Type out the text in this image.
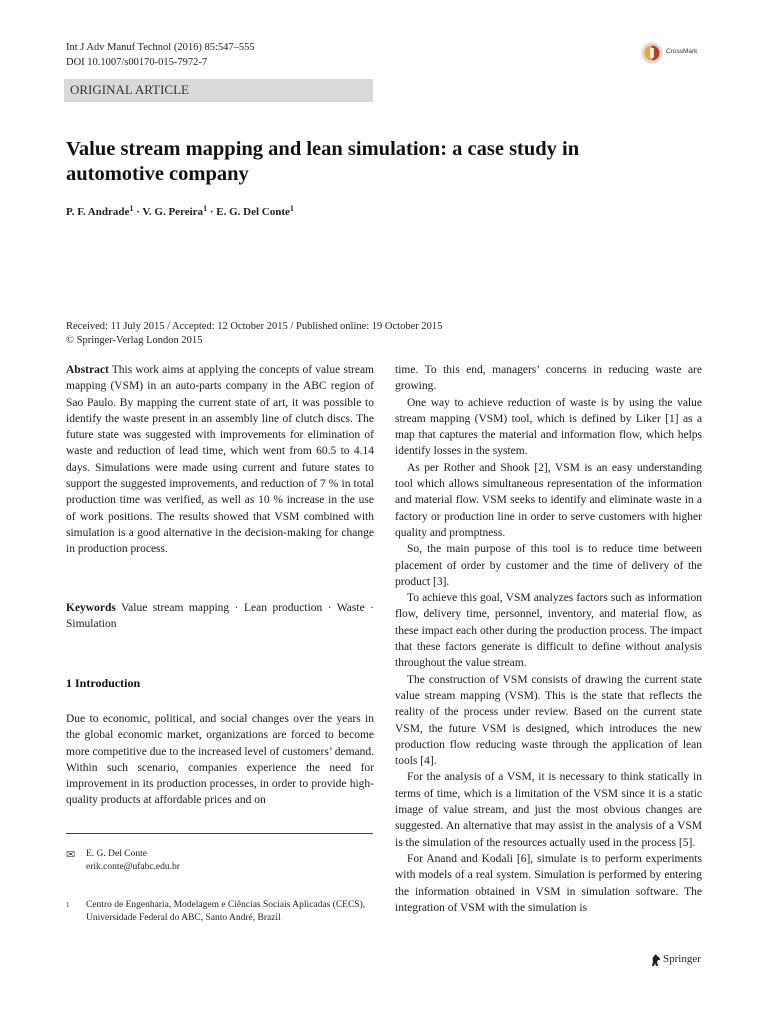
Int J Adv Manuf Technol (2016) 85:547–555
DOI 10.1007/s00170-015-7972-7
CrossMark
ORIGINAL ARTICLE
Value stream mapping and lean simulation: a case study in automotive company
P. F. Andrade$^1$ · V. G. Pereira$^1$ · E. G. Del Conte$^1$
Received: 11 July 2015 / Accepted: 12 October 2015 / Published online: 19 October 2015
© Springer-Verlag London 2015

Abstract This work aims at applying the concepts of value stream mapping (VSM) in an auto-parts company in the ABC region of Sao Paulo. By mapping the current state of art, it was possible to identify the waste present in an assembly line of clutch discs. The future state was suggested with improvements for elimination of waste and reduction of lead time, which went from 60.5 to 4.14 days. Simulations were made using current and future states to support the suggested improvements, and reduction of 7 % in total production time was verified, as well as 10 % increase in the use of work positions. The results showed that VSM combined with simulation is a good alternative in the decision-making for change in production process.

Keywords Value stream mapping · Lean production · Waste · Simulation

1 Introduction

Due to economic, political, and social changes over the years in the global economic market, organizations are forced to become more competitive due to the increased level of customers’ demand. Within such scenario, companies experience the need for improvement in its production processes, in order to provide high-quality products at affordable prices and on

✉ E. G. Del Conte
erik.conte@ufabc.edu.br
1 Centro de Engenharia, Modelagem e Ciências Sociais Aplicadas (CECS), Universidade Federal do ABC, Santo André, Brazil

time. To this end, managers’ concerns in reducing waste are growing.

One way to achieve reduction of waste is by using the value stream mapping (VSM) tool, which is defined by Liker [1] as a map that captures the material and information flow, which helps identify losses in the system.

As per Rother and Shook [2], VSM is an easy understanding tool which allows simultaneous representation of the information and material flow. VSM seeks to identify and eliminate waste in a factory or production line in order to serve customers with higher quality and promptness.

So, the main purpose of this tool is to reduce time between placement of order by customer and the time of delivery of the product [3].

To achieve this goal, VSM analyzes factors such as information flow, delivery time, personnel, inventory, and material flow, as these impact each other during the production process. The impact that these factors generate is difficult to define without analysis throughout the value stream.

The construction of VSM consists of drawing the current state value stream mapping (VSM). This is the state that reflects the reality of the process under review. Based on the current state VSM, the future VSM is designed, which introduces the new production flow reducing waste through the application of lean tools [4].

For the analysis of a VSM, it is necessary to think statically in terms of time, which is a limitation of the VSM since it is a static image of value stream, and just the most obvious changes are suggested. An alternative that may assist in the analysis of a VSM is the simulation of the resources actually used in the process [5].

For Anand and Kodali [6], simulate is to perform experiments with models of a real system. Simulation is performed by entering the information obtained in VSM in simulation software. The integration of VSM with the simulation is

Springer
